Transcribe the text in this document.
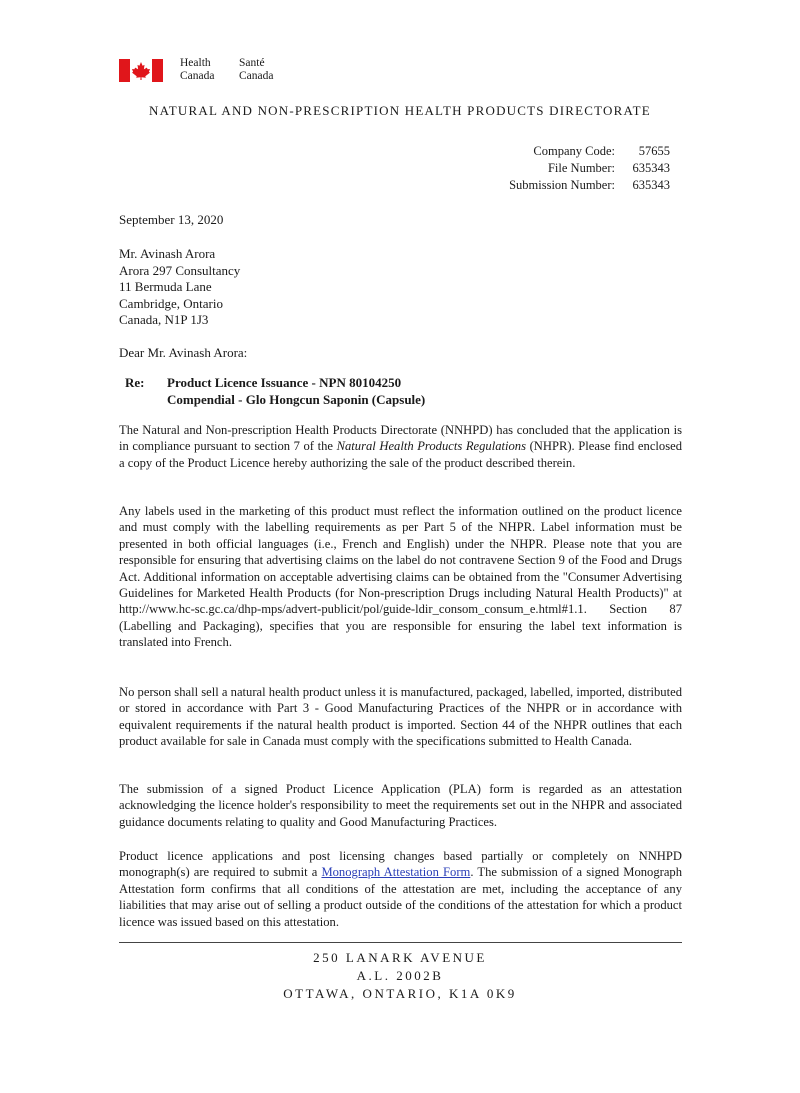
Health
Canada
Santé
Canada
NATURAL AND NON-PRESCRIPTION HEALTH PRODUCTS DIRECTORATE
Company Code:	57655
File Number:	635343
Submission Number:	635343
September 13, 2020
Mr. Avinash Arora
Arora 297 Consultancy
11 Bermuda Lane
Cambridge, Ontario
Canada, N1P 1J3
Dear Mr. Avinash Arora:
Re: Product Licence Issuance - NPN 80104250
Compendial - Glo Hongcun Saponin (Capsule)

The Natural and Non-prescription Health Products Directorate (NNHPD) has concluded that the application is in compliance pursuant to section 7 of the Natural Health Products Regulations (NHPR). Please find enclosed a copy of the Product Licence hereby authorizing the sale of the product described therein.

Any labels used in the marketing of this product must reflect the information outlined on the product licence and must comply with the labelling requirements as per Part 5 of the NHPR. Label information must be presented in both official languages (i.e., French and English) under the NHPR. Please note that you are responsible for ensuring that advertising claims on the label do not contravene Section 9 of the Food and Drugs Act. Additional information on acceptable advertising claims can be obtained from the "Consumer Advertising Guidelines for Marketed Health Products (for Non-prescription Drugs including Natural Health Products)" at http://www.hc-sc.gc.ca/dhp-mps/advert-publicit/pol/guide-ldir_consom_consum_e.html#1.1. Section 87 (Labelling and Packaging), specifies that you are responsible for ensuring the label text information is translated into French.

No person shall sell a natural health product unless it is manufactured, packaged, labelled, imported, distributed or stored in accordance with Part 3 - Good Manufacturing Practices of the NHPR or in accordance with equivalent requirements if the natural health product is imported. Section 44 of the NHPR outlines that each product available for sale in Canada must comply with the specifications submitted to Health Canada.

The submission of a signed Product Licence Application (PLA) form is regarded as an attestation acknowledging the licence holder's responsibility to meet the requirements set out in the NHPR and associated guidance documents relating to quality and Good Manufacturing Practices.

Product licence applications and post licensing changes based partially or completely on NNHPD monograph(s) are required to submit a Monograph Attestation Form. The submission of a signed Monograph Attestation form confirms that all conditions of the attestation are met, including the acceptance of any liabilities that may arise out of selling a product outside of the conditions of the attestation for which a product licence was issued based on this attestation.

250 LANARK AVENUE
A.L. 2002B
OTTAWA, ONTARIO, K1A 0K9
